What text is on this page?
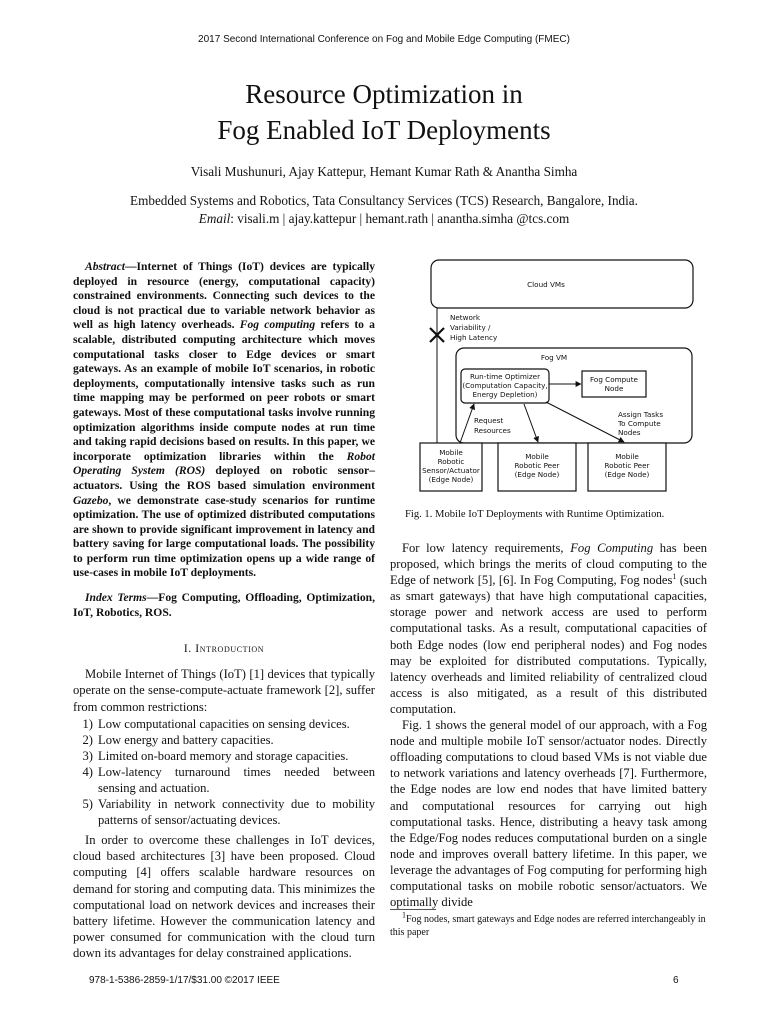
2017 Second International Conference on Fog and Mobile Edge Computing (FMEC)
Resource Optimization in
Fog Enabled IoT Deployments
Visali Mushunuri, Ajay Kattepur, Hemant Kumar Rath & Anantha Simha
Embedded Systems and Robotics, Tata Consultancy Services (TCS) Research, Bangalore, India.
Email: visali.m | ajay.kattepur | hemant.rath | anantha.simha @tcs.com

Abstract—Internet of Things (IoT) devices are typically deployed in resource (energy, computational capacity) constrained environments. Connecting such devices to the cloud is not practical due to variable network behavior as well as high latency overheads. Fog computing refers to a scalable, distributed computing architecture which moves computational tasks closer to Edge devices or smart gateways. As an example of mobile IoT scenarios, in robotic deployments, computationally intensive tasks such as run time mapping may be performed on peer robots or smart gateways. Most of these computational tasks involve running optimization algorithms inside compute nodes at run time and taking rapid decisions based on results. In this paper, we incorporate optimization libraries within the Robot Operating System (ROS) deployed on robotic sensor–actuators. Using the ROS based simulation environment Gazebo, we demonstrate case-study scenarios for runtime optimization. The use of optimized distributed computations are shown to provide significant improvement in latency and battery saving for large computational loads. The possibility to perform run time optimization opens up a wide range of use-cases in mobile IoT deployments.

Index Terms—Fog Computing, Offloading, Optimization, IoT, Robotics, ROS.

I. Introduction

Mobile Internet of Things (IoT) [1] devices that typically operate on the sense-compute-actuate framework [2], suffer from common restrictions:

1) Low computational capacities on sensing devices.
2) Low energy and battery capacities.
3) Limited on-board memory and storage capacities.
4) Low-latency turnaround times needed between sensing and actuation.
5) Variability in network connectivity due to mobility patterns of sensor/actuating devices.

In order to overcome these challenges in IoT devices, cloud based architectures [3] have been proposed. Cloud computing [4] offers scalable hardware resources on demand for storing and computing data. This minimizes the computational load on network devices and increases their battery lifetime. However the communication latency and power consumed for communication with the cloud turn down its advantages for delay constrained applications.

Cloud VMs
Network
Variability /
High Latency
Fog VM
Run-time Optimizer
(Computation Capacity,
Energy Depletion)
Fog Compute
Node
Assign Tasks
To Compute
Nodes
Request
Resources
Mobile
Robotic
Sensor/Actuator
(Edge Node)
Mobile
Robotic Peer
(Edge Node)
Mobile
Robotic Peer
(Edge Node)
Fig. 1. Mobile IoT Deployments with Runtime Optimization.

For low latency requirements, Fog Computing has been proposed, which brings the merits of cloud computing to the Edge of network [5], [6]. In Fog Computing, Fog nodes$^1$ (such as smart gateways) that have high computational capacities, storage power and network access are used to perform computational tasks. As a result, computational capacities of both Edge nodes (low end peripheral nodes) and Fog nodes may be exploited for distributed computations. Typically, latency overheads and limited reliability of centralized cloud access is also mitigated, as a result of this distributed computation.

Fig. 1 shows the general model of our approach, with a Fog node and multiple mobile IoT sensor/actuator nodes. Directly offloading computations to cloud based VMs is not viable due to network variations and latency overheads [7]. Furthermore, the Edge nodes are low end nodes that have limited battery and computational resources for carrying out high computational tasks. Hence, distributing a heavy task among the Edge/Fog nodes reduces computational burden on a single node and improves overall battery lifetime. In this paper, we leverage the advantages of Fog computing for performing high computational tasks on mobile robotic sensor/actuators. We optimally divide

$^1$Fog nodes, smart gateways and Edge nodes are referred interchangeably in this paper

978-1-5386-2859-1/17/$31.00 ©2017 IEEE	6
